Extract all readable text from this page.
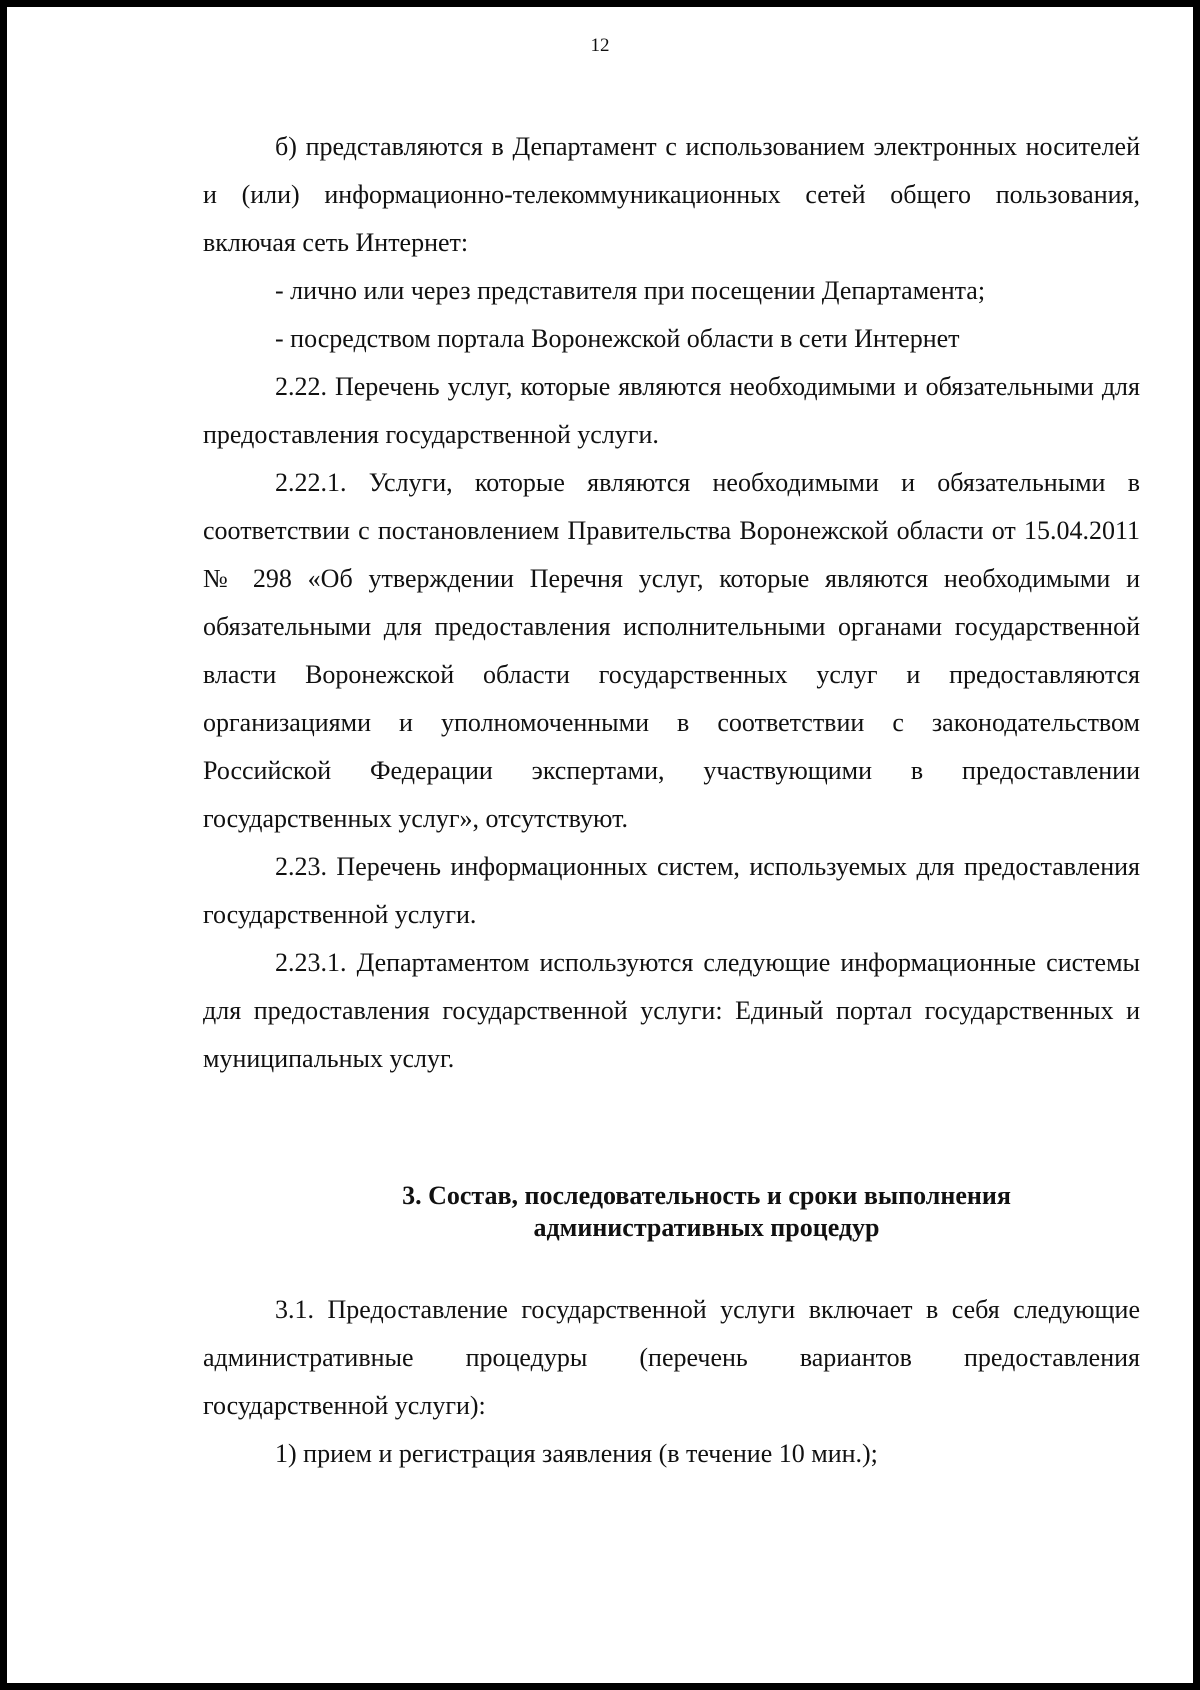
12

б) представляются в Департамент с использованием электронных носителей и (или) информационно-телекоммуникационных сетей общего пользования, включая сеть Интернет:

- лично или через представителя при посещении Департамента;

- посредством портала Воронежской области в сети Интернет

2.22. Перечень услуг, которые являются необходимыми и обязательными для предоставления государственной услуги.

2.22.1. Услуги, которые являются необходимыми и обязательными в соответствии с постановлением Правительства Воронежской области от 15.04.2011 № 298 «Об утверждении Перечня услуг, которые являются необходимыми и обязательными для предоставления исполнительными органами государственной власти Воронежской области государственных услуг и предоставляются организациями и уполномоченными в соответствии с законодательством Российской Федерации экспертами, участвующими в предоставлении государственных услуг», отсутствуют.

2.23. Перечень информационных систем, используемых для предоставления государственной услуги.

2.23.1. Департаментом используются следующие информационные системы для предоставления государственной услуги: Единый портал государственных и муниципальных услуг.

3. Состав, последовательность и сроки выполнения
административных процедур

3.1. Предоставление государственной услуги включает в себя следующие административные процедуры (перечень вариантов предоставления государственной услуги):

1) прием и регистрация заявления (в течение 10 мин.);
